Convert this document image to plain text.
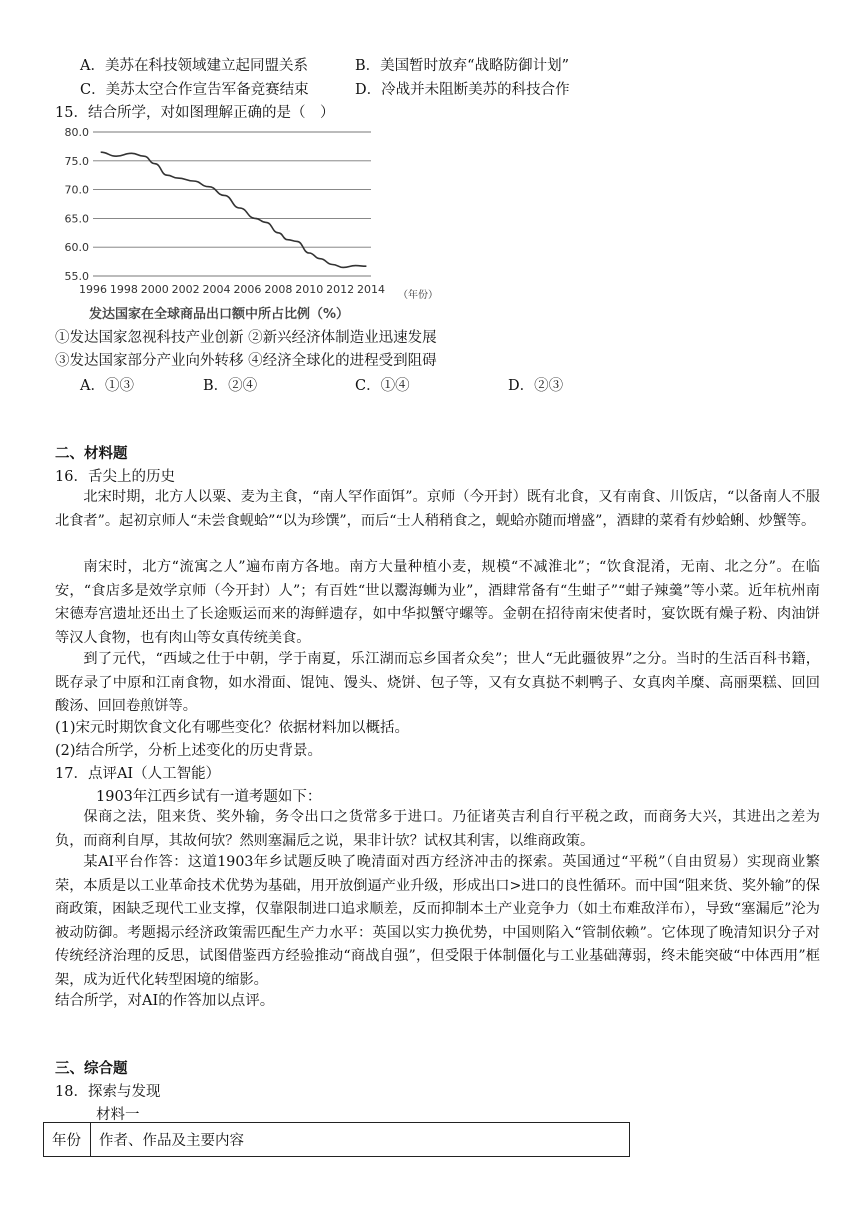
A．美苏在科技领域建立起同盟关系	B．美国暂时放弃“战略防御计划”
C．美苏太空合作宣告军备竞赛结束	D．冷战并未阻断美苏的科技合作
15．结合所学，对如图理解正确的是（　）
55.0
60.0
65.0
70.0
75.0
80.0
1996 1998 2000 2002 2004 2006 2008 2010 2012 2014 （年份）
发达国家在全球商品出口额中所占比例（%）
①发达国家忽视科技产业创新 ②新兴经济体制造业迅速发展
③发达国家部分产业向外转移 ④经济全球化的进程受到阻碍
A．①③	B．②④	C．①④	D．②③
二、材料题
16．舌尖上的历史
北宋时期，北方人以粟、麦为主食，“南人罕作面饵”。京师（今开封）既有北食，又有南食、川饭店，“以备南人不服北食者”。起初京师人“未尝食蚬蛤”“以为珍馔”，而后“士人稍稍食之，蚬蛤亦随而增盛”，酒肆的菜肴有炒蛤蜊、炒蟹等。
南宋时，北方“流寓之人”遍布南方各地。南方大量种植小麦，规模“不减淮北”；“饮食混淆，无南、北之分”。在临安，“食店多是效学京师（今开封）人”；有百姓“世以鬻海蛳为业”，酒肆常备有“生蚶子”“蚶子辣羹”等小菜。近年杭州南宋德寿宫遗址还出土了长途贩运而来的海鲜遗存，如中华拟蟹守螺等。金朝在招待南宋使者时，宴饮既有燥子粉、肉油饼等汉人食物，也有肉山等女真传统美食。
到了元代，“西域之仕于中朝，学于南夏，乐江湖而忘乡国者众矣”；世人“无此疆彼界”之分。当时的生活百科书籍，既存录了中原和江南食物，如水滑面、馄饨、馒头、烧饼、包子等，又有女真挞不剌鸭子、女真肉羊糜、高丽栗糕、回回酸汤、回回卷煎饼等。
(1)宋元时期饮食文化有哪些变化？依据材料加以概括。
(2)结合所学，分析上述变化的历史背景。
17．点评AI（人工智能）
1903年江西乡试有一道考题如下：
保商之法，阻来货、奖外输，务令出口之货常多于进口。乃征诸英吉利自行平税之政，而商务大兴，其进出之差为负，而商利自厚，其故何欤？然则塞漏卮之说，果非计欤？试权其利害，以维商政策。
某AI平台作答：这道1903年乡试题反映了晚清面对西方经济冲击的探索。英国通过“平税”（自由贸易）实现商业繁荣，本质是以工业革命技术优势为基础，用开放倒逼产业升级，形成出口>进口的良性循环。而中国“阻来货、奖外输”的保商政策，困缺乏现代工业支撑，仅靠限制进口追求顺差，反而抑制本土产业竞争力（如土布难敌洋布），导致“塞漏卮”沦为被动防御。考题揭示经济政策需匹配生产力水平：英国以实力换优势，中国则陷入“管制依赖”。它体现了晚清知识分子对传统经济治理的反思，试图借鉴西方经验推动“商战自强”，但受限于体制僵化与工业基础薄弱，终未能突破“中体西用”框架，成为近代化转型困境的缩影。
结合所学，对AI的作答加以点评。
三、综合题
18．探索与发现
材料一
年份	作者、作品及主要内容
